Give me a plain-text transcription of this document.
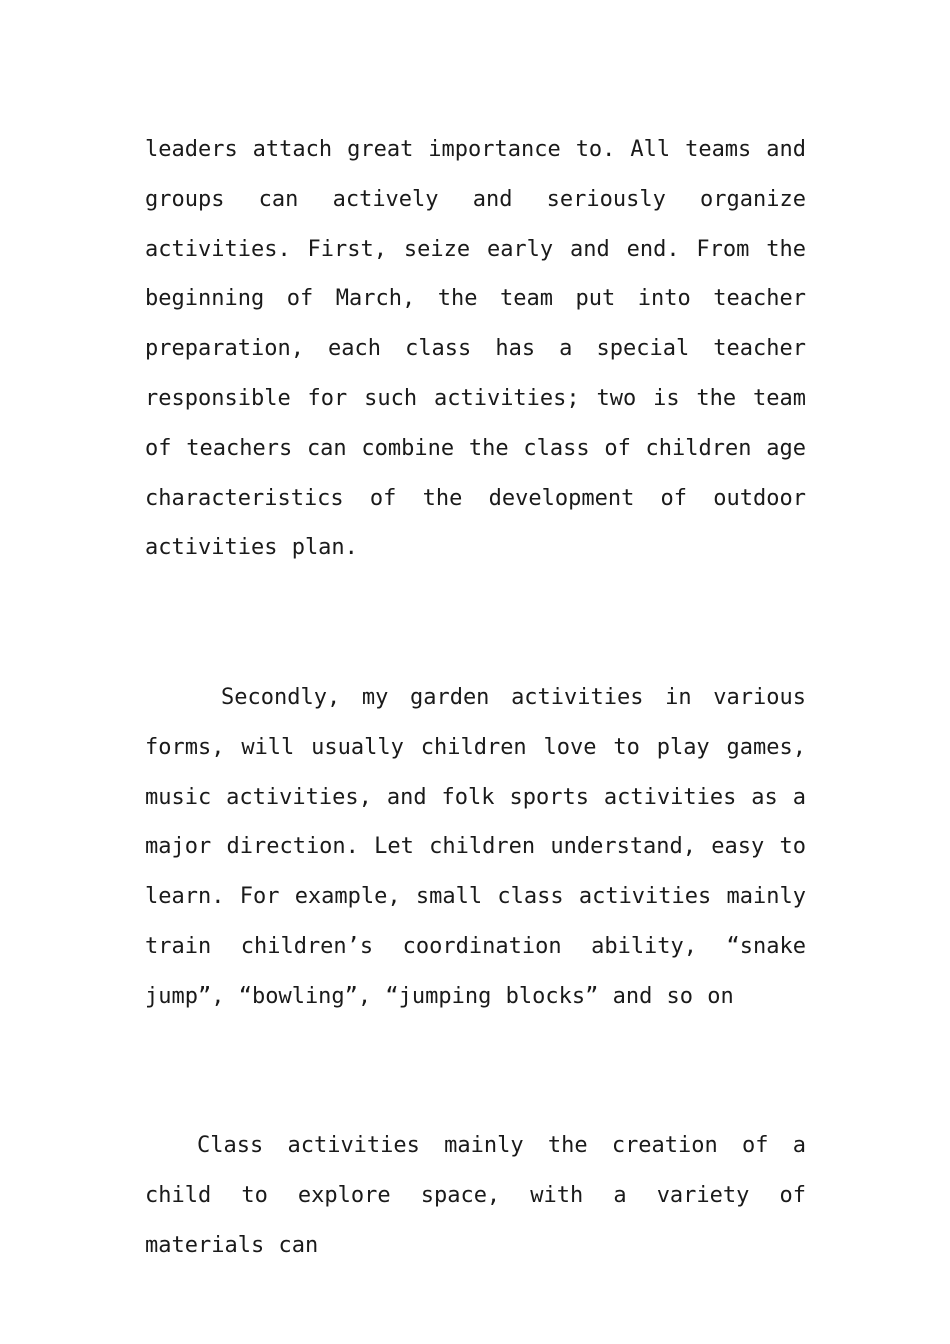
leaders attach great importance to. All teams and groups can actively and seriously organize activities. First, seize early and end. From the beginning of March, the team put into teacher preparation, each class has a special teacher responsible for such activities; two is the team of teachers can combine the class of children age characteristics of the development of outdoor activities plan.

Secondly, my garden activities in various forms, will usually children love to play games, music activities, and folk sports activities as a major direction. Let children understand, easy to learn. For example, small class activities mainly train children’s coordination ability, “snake jump”, “bowling”, “jumping blocks” and so on

Class activities mainly the creation of a child to explore space, with a variety of materials can
